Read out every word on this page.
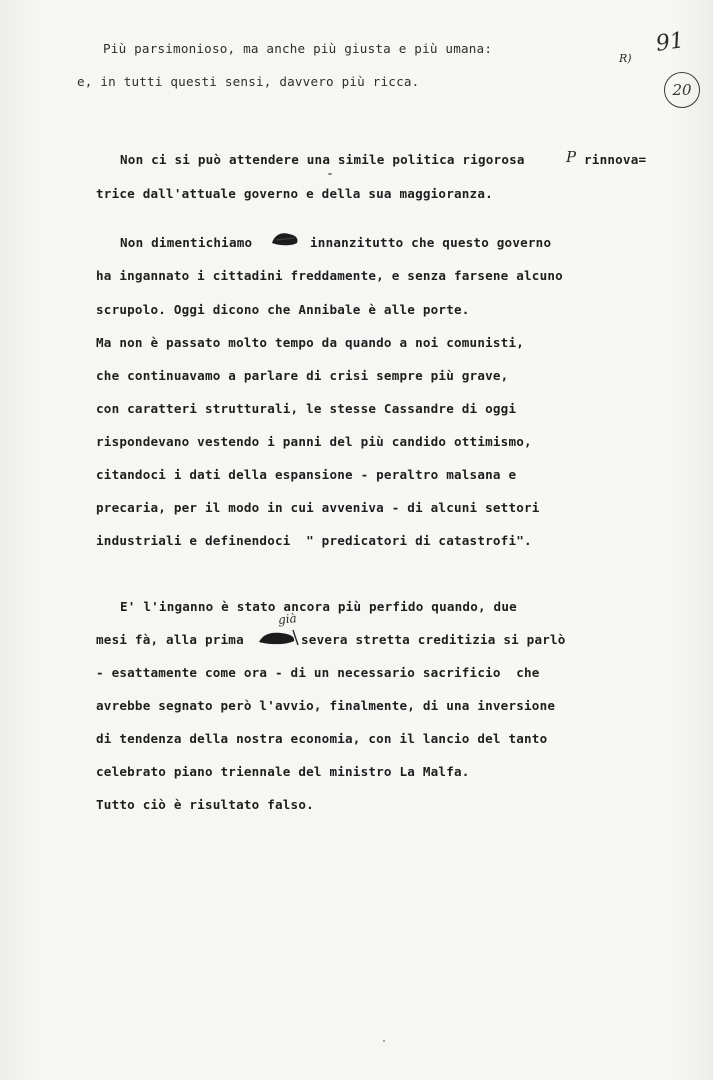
91
R)
20
Più parsimonioso, ma anche più giusta e più umana:
e, in tutti questi sensi, davvero più ricca.
Non ci si può attendere una simile politica rigorosa	P rinnova=
trice dall'attuale governo e della sua maggioranza.
Non dimentichiamo	innanzitutto che questo governo
ha ingannato i cittadini freddamente, e senza farsene alcuno
scrupolo. Oggi dicono che Annibale è alle porte.
Ma non è passato molto tempo da quando a noi comunisti,
che continuavamo a parlare di crisi sempre più grave,
con caratteri strutturali, le stesse Cassandre di oggi
rispondevano vestendo i panni del più candido ottimismo,
citandoci i dati della espansione - peraltro malsana e
precaria, per il modo in cui avveniva - di alcuni settori
industriali e definendoci  " predicatori di catastrofi".
E' l'inganno è stato ancora più perfido quando, due
mesi fà, alla prima
già
severa stretta creditizia si parlò
- esattamente come ora - di un necessario sacrificio  che
avrebbe segnato però l'avvio, finalmente, di una inversione
di tendenza della nostra economia, con il lancio del tanto
celebrato piano triennale del ministro La Malfa.
Tutto ciò è risultato falso.
